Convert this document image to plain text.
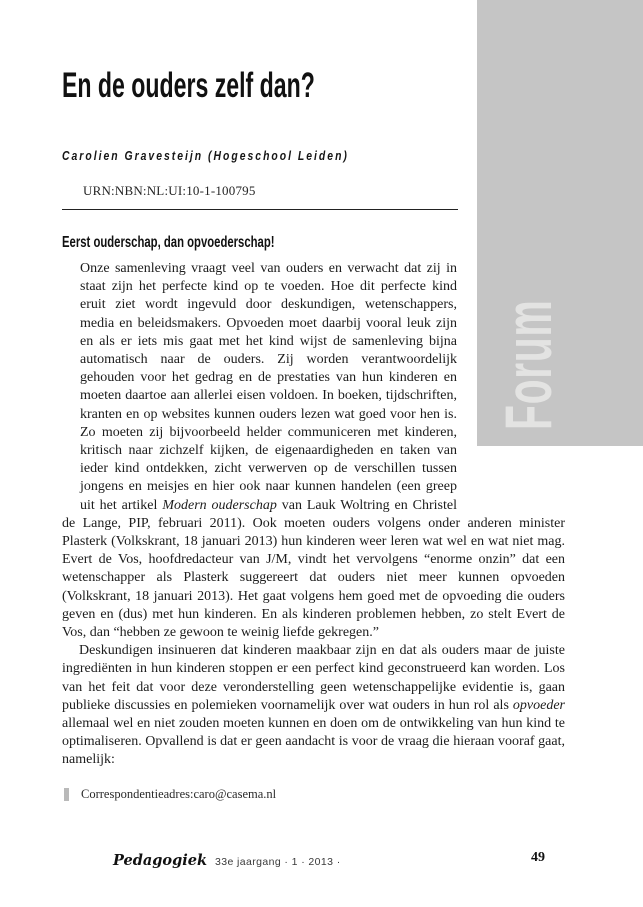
Forum
En de ouders zelf dan?
Carolien Gravesteijn (Hogeschool Leiden)
URN:NBN:NL:UI:10-1-100795
Eerst ouderschap, dan opvoederschap!

Onze samenleving vraagt veel van ouders en verwacht dat zij in staat zijn het perfecte kind op te voeden. Hoe dit perfecte kind eruit ziet wordt ingevuld door deskundigen, wetenschappers, media en beleidsmakers. Opvoeden moet daarbij vooral leuk zijn en als er iets mis gaat met het kind wijst de samenleving bijna automatisch naar de ouders. Zij worden verantwoordelijk gehouden voor het gedrag en de prestaties van hun kinderen en moeten daartoe aan allerlei eisen voldoen. In boeken, tijdschriften, kranten en op websites kunnen ouders lezen wat goed voor hen is. Zo moeten zij bijvoorbeeld helder communiceren met kinderen, kritisch naar zichzelf kijken, de eigenaardigheden en taken van ieder kind ontdekken, zicht verwerven op de verschillen tussen jongens en meisjes en hier ook naar kunnen handelen (een greep uit het artikel Modern ouderschap van Lauk Woltring en Christel de Lange, PIP, februari 2011). Ook moeten ouders volgens onder anderen minister Plasterk (Volkskrant, 18 januari 2013) hun kinderen weer leren wat wel en wat niet mag. Evert de Vos, hoofdredacteur van J/M, vindt het vervolgens “enorme onzin” dat een wetenschapper als Plasterk suggereert dat ouders niet meer kunnen opvoeden (Volkskrant, 18 januari 2013). Het gaat volgens hem goed met de opvoeding die ouders geven en (dus) met hun kinderen. En als kinderen problemen hebben, zo stelt Evert de Vos, dan “hebben ze gewoon te weinig liefde gekregen.”

Deskundigen insinueren dat kinderen maakbaar zijn en dat als ouders maar de juiste ingrediënten in hun kinderen stoppen er een perfect kind geconstrueerd kan worden. Los van het feit dat voor deze veronderstelling geen wetenschappelijke evidentie is, gaan publieke discussies en polemieken voornamelijk over wat ouders in hun rol als opvoeder allemaal wel en niet zouden moeten kunnen en doen om de ontwikkeling van hun kind te optimaliseren. Opvallend is dat er geen aandacht is voor de vraag die hieraan vooraf gaat, namelijk:

Correspondentieadres:caro@casema.nl
Pedagogiek 33e jaargang · 1 · 2013 ·	49
